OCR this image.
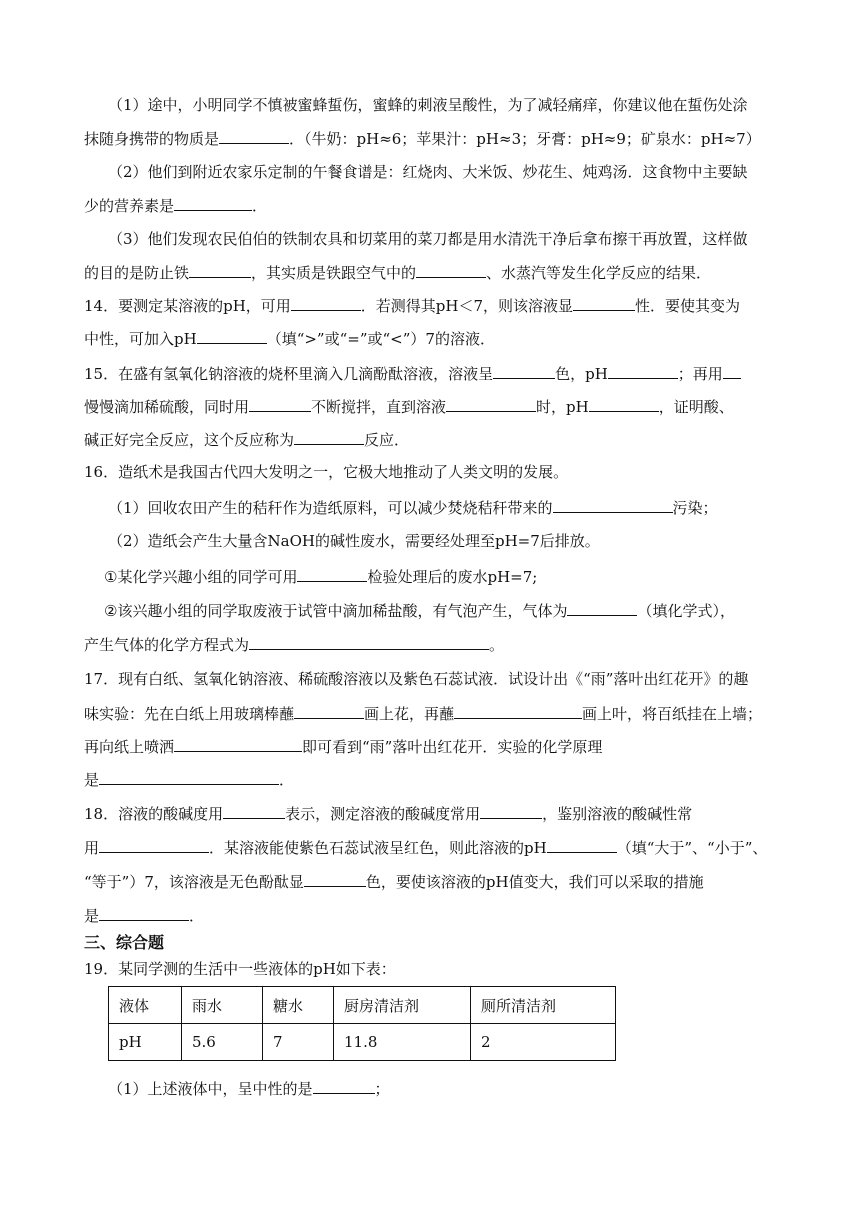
（1）途中，小明同学不慎被蜜蜂蜇伤，蜜蜂的刺液呈酸性，为了减轻痛痒，你建议他在蜇伤处涂
抹随身携带的物质是	．（牛奶：pH≈6；苹果汁：pH≈3；牙膏：pH≈9；矿泉水：pH≈7）
（2）他们到附近农家乐定制的午餐食谱是：红烧肉、大米饭、炒花生、炖鸡汤．这食物中主要缺
少的营养素是	．
（3）他们发现农民伯伯的铁制农具和切菜用的菜刀都是用水清洗干净后拿布擦干再放置，这样做
的目的是防止铁	，其实质是铁跟空气中的	、水蒸汽等发生化学反应的结果．
14．要测定某溶液的pH，可用	．若测得其pH＜7，则该溶液显	性．要使其变为
中性，可加入pH	（填“>”或“=”或“<”）7的溶液．
15．在盛有氢氧化钠溶液的烧杯里滴入几滴酚酞溶液，溶液呈	色，pH	；再用
慢慢滴加稀硫酸，同时用	不断搅拌，直到溶液	时，pH	，证明酸、
碱正好完全反应，这个反应称为	反应．
16．造纸术是我国古代四大发明之一，它极大地推动了人类文明的发展。
（1）回收农田产生的秸秆作为造纸原料，可以减少焚烧秸秆带来的	污染；
（2）造纸会产生大量含NaOH的碱性废水，需要经处理至pH=7后排放。
①某化学兴趣小组的同学可用	检验处理后的废水pH=7;
②该兴趣小组的同学取废液于试管中滴加稀盐酸，有气泡产生，气体为	（填化学式），
产生气体的化学方程式为	。
17．现有白纸、氢氧化钠溶液、稀硫酸溶液以及紫色石蕊试液．试设计出《“雨”落叶出红花开》的趣
味实验：先在白纸上用玻璃棒蘸	画上花，再蘸	画上叶，将百纸挂在上墙；
再向纸上喷洒	即可看到“雨”落叶出红花开．实验的化学原理
是	．
18．溶液的酸碱度用	表示，测定溶液的酸碱度常用	，鉴别溶液的酸碱性常
用	．某溶液能使紫色石蕊试液呈红色，则此溶液的pH	（填“大于”、“小于”、
“等于”）7，该溶液是无色酚酞显	色，要使该溶液的pH值变大，我们可以采取的措施
是	．
三、综合题
19．某同学测的生活中一些液体的pH如下表：
液体	雨水	糖水	厨房清洁剂	厕所清洁剂
pH	5.6	7	11.8	2
（1）上述液体中，呈中性的是	；
